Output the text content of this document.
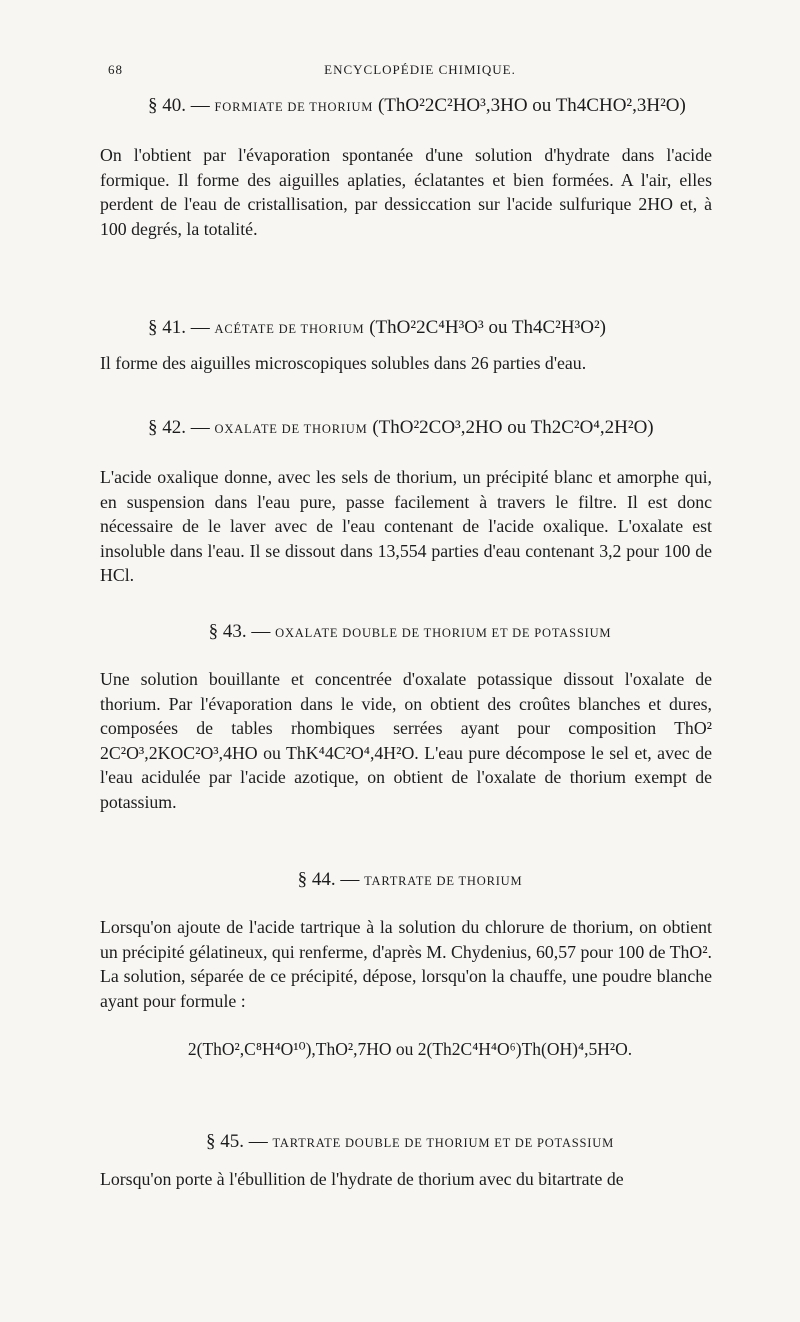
68	ENCYCLOPÉDIE CHIMIQUE.
§ 40. — FORMIATE DE THORIUM (ThO²2C²HO³,3HO ou Th4CHO²,3H²O)

On l'obtient par l'évaporation spontanée d'une solution d'hydrate dans l'acide formique. Il forme des aiguilles aplaties, éclatantes et bien formées. A l'air, elles perdent de l'eau de cristallisation, par dessiccation sur l'acide sulfurique 2HO et, à 100 degrés, la totalité.

§ 41. — ACÉTATE DE THORIUM (ThO²2C⁴H³O³ ou Th4C²H³O²)

Il forme des aiguilles microscopiques solubles dans 26 parties d'eau.

§ 42. — OXALATE DE THORIUM (ThO²2CO³,2HO ou Th2C²O⁴,2H²O)

L'acide oxalique donne, avec les sels de thorium, un précipité blanc et amorphe qui, en suspension dans l'eau pure, passe facilement à travers le filtre. Il est donc nécessaire de le laver avec de l'eau contenant de l'acide oxalique. L'oxalate est insoluble dans l'eau. Il se dissout dans 13,554 parties d'eau contenant 3,2 pour 100 de HCl.

§ 43. — OXALATE DOUBLE DE THORIUM ET DE POTASSIUM

Une solution bouillante et concentrée d'oxalate potassique dissout l'oxalate de thorium. Par l'évaporation dans le vide, on obtient des croûtes blanches et dures, composées de tables rhombiques serrées ayant pour composition ThO² 2C²O³,2KOC²O³,4HO ou ThK⁴4C²O⁴,4H²O. L'eau pure décompose le sel et, avec de l'eau acidulée par l'acide azotique, on obtient de l'oxalate de thorium exempt de potassium.

§ 44. — TARTRATE DE THORIUM

Lorsqu'on ajoute de l'acide tartrique à la solution du chlorure de thorium, on obtient un précipité gélatineux, qui renferme, d'après M. Chydenius, 60,57 pour 100 de ThO². La solution, séparée de ce précipité, dépose, lorsqu'on la chauffe, une poudre blanche ayant pour formule :

2(ThO²,C⁸H⁴O¹⁰),ThO²,7HO ou 2(Th2C⁴H⁴O⁶)Th(OH)⁴,5H²O.
§ 45. — TARTRATE DOUBLE DE THORIUM ET DE POTASSIUM

Lorsqu'on porte à l'ébullition de l'hydrate de thorium avec du bitartrate de
